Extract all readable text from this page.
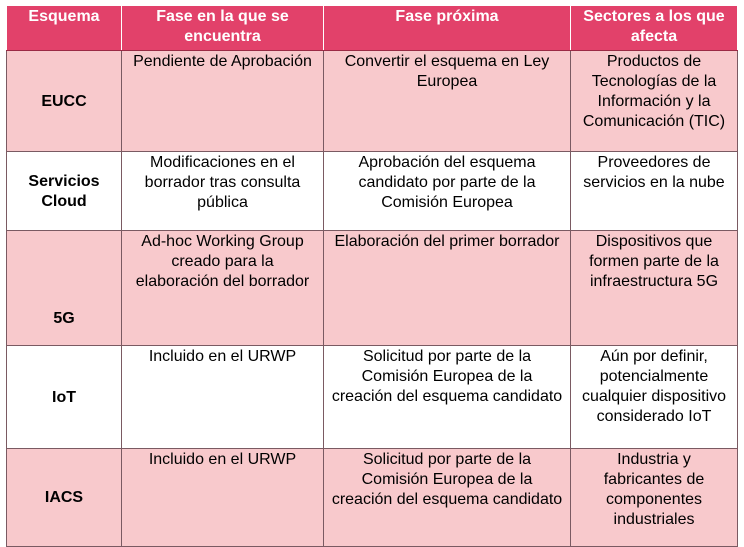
Esquema	Fase en la que se encuentra	Fase próxima	Sectores a los que afecta
EUCC	Pendiente de Aprobación	Convertir el esquema en Ley Europea	Productos de Tecnologías de la Información y la Comunicación (TIC)
Servicios Cloud	Modificaciones en el borrador tras consulta pública	Aprobación del esquema candidato por parte de la Comisión Europea	Proveedores de servicios en la nube
5G	Ad-hoc Working Group creado para la elaboración del borrador	Elaboración del primer borrador	Dispositivos que formen parte de la infraestructura 5G
IoT	Incluido en el URWP	Solicitud por parte de la Comisión Europea de la creación del esquema candidato	Aún por definir, potencialmente cualquier dispositivo considerado IoT
IACS	Incluido en el URWP	Solicitud por parte de la Comisión Europea de la creación del esquema candidato	Industria y fabricantes de componentes industriales
